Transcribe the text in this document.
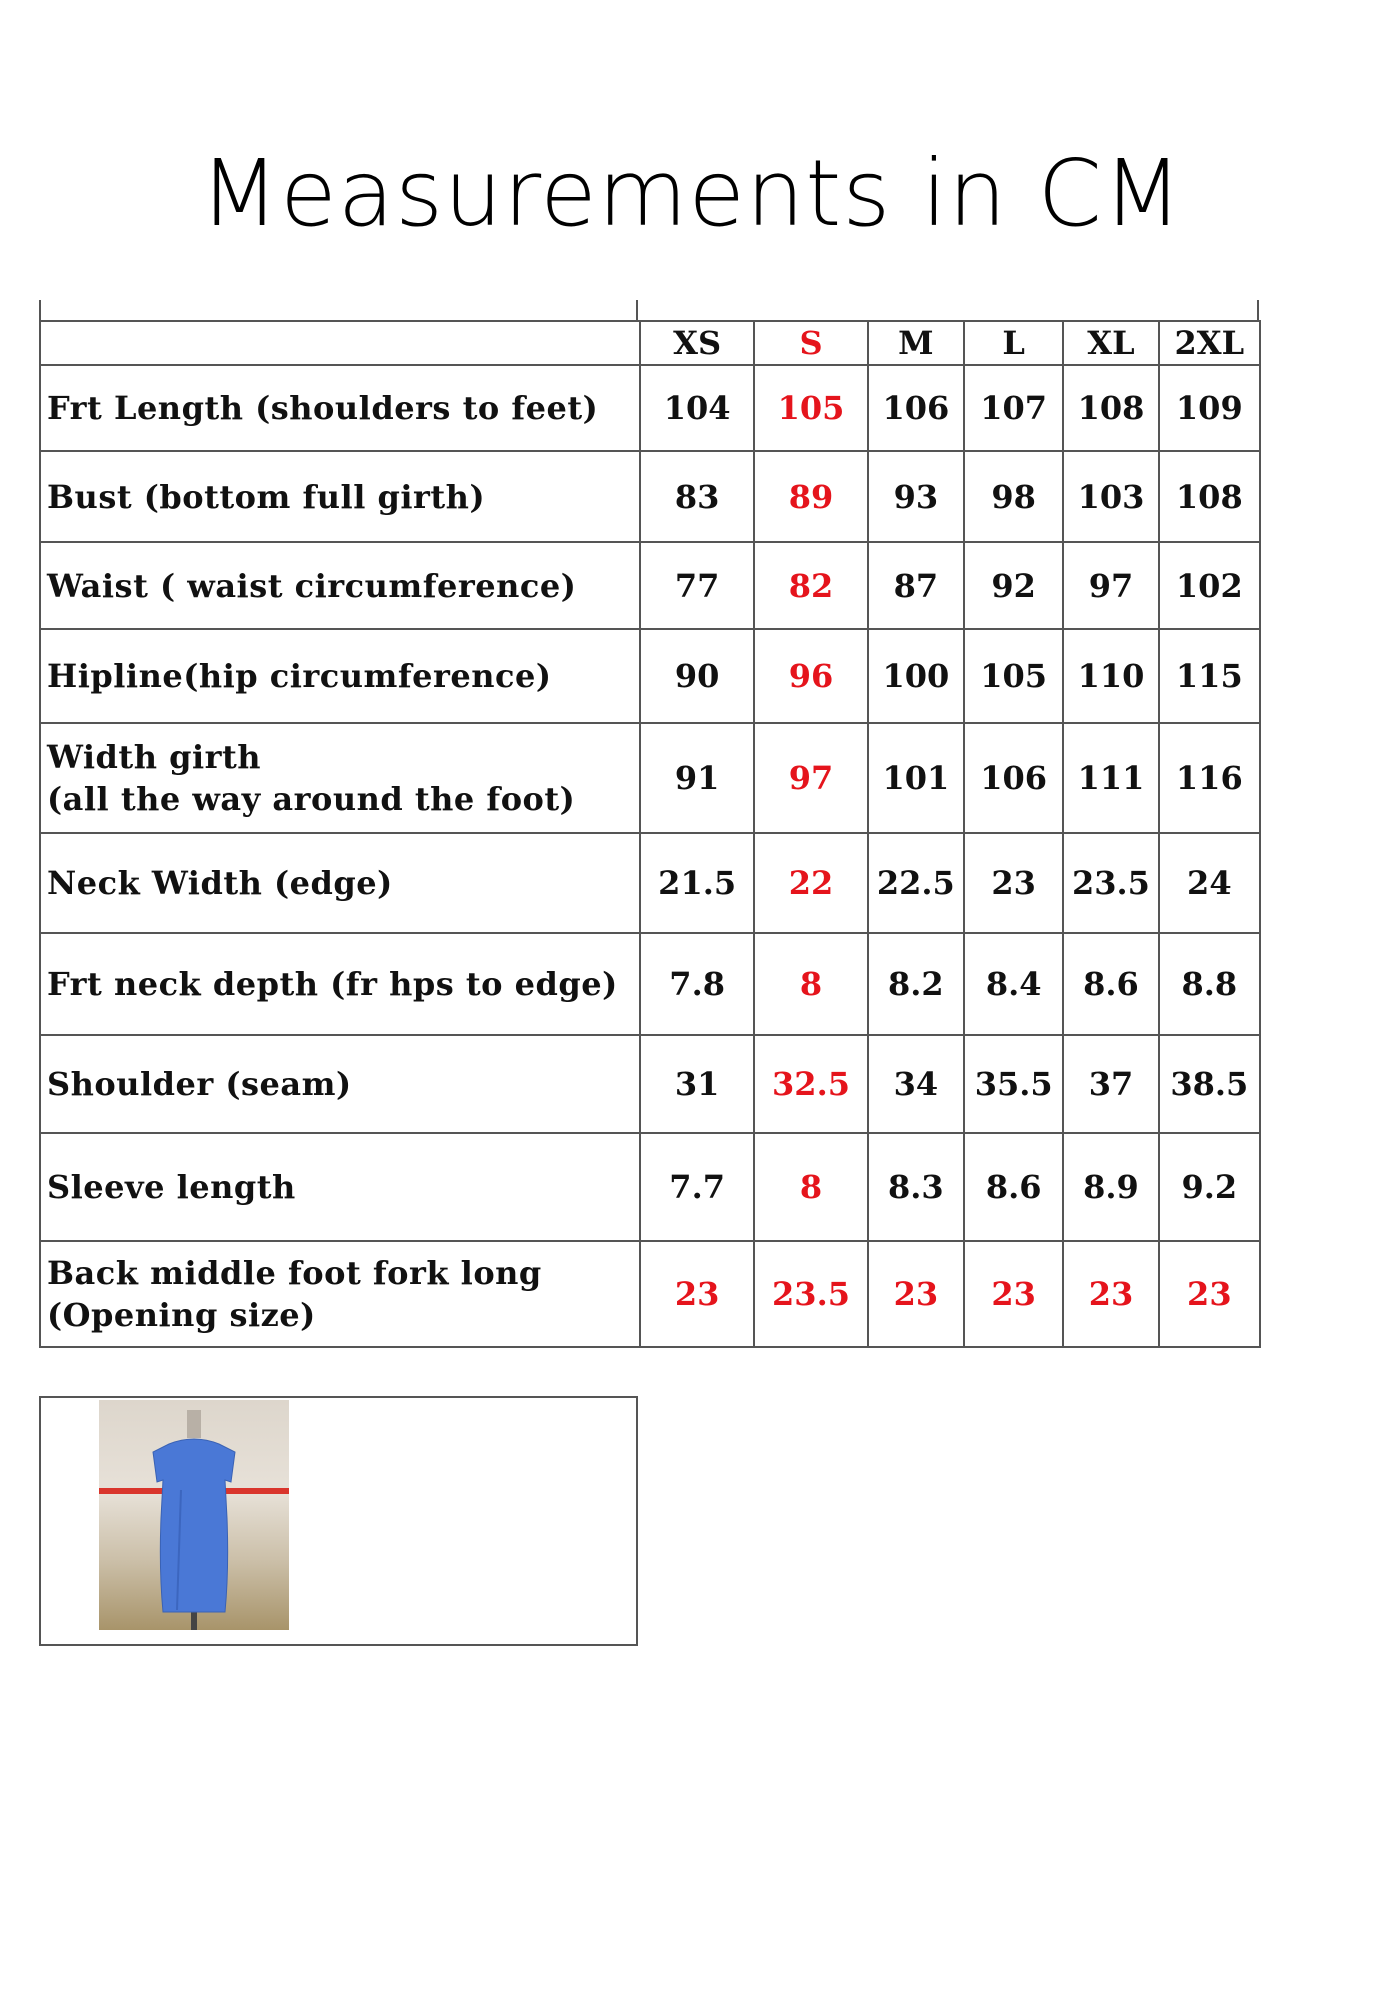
Measurements in CM
	XS	S	M	L	XL	2XL

Frt Length (shoulders to feet)	104	105	106	107	108	109

Bust (bottom full girth)	83	89	93	98	103	108

Waist ( waist circumference)	77	82	87	92	97	102

Hipline(hip circumference)	90	96	100	105	110	115

Width girth
(all the way around the foot)	91	97	101	106	111	116

Neck Width (edge)	21.5	22	22.5	23	23.5	24

Frt neck depth (fr hps to edge)	7.8	8	8.2	8.4	8.6	8.8

Shoulder (seam)	31	32.5	34	35.5	37	38.5

Sleeve length	7.7	8	8.3	8.6	8.9	9.2

Back middle foot fork long
(Opening size)	23	23.5	23	23	23	23
